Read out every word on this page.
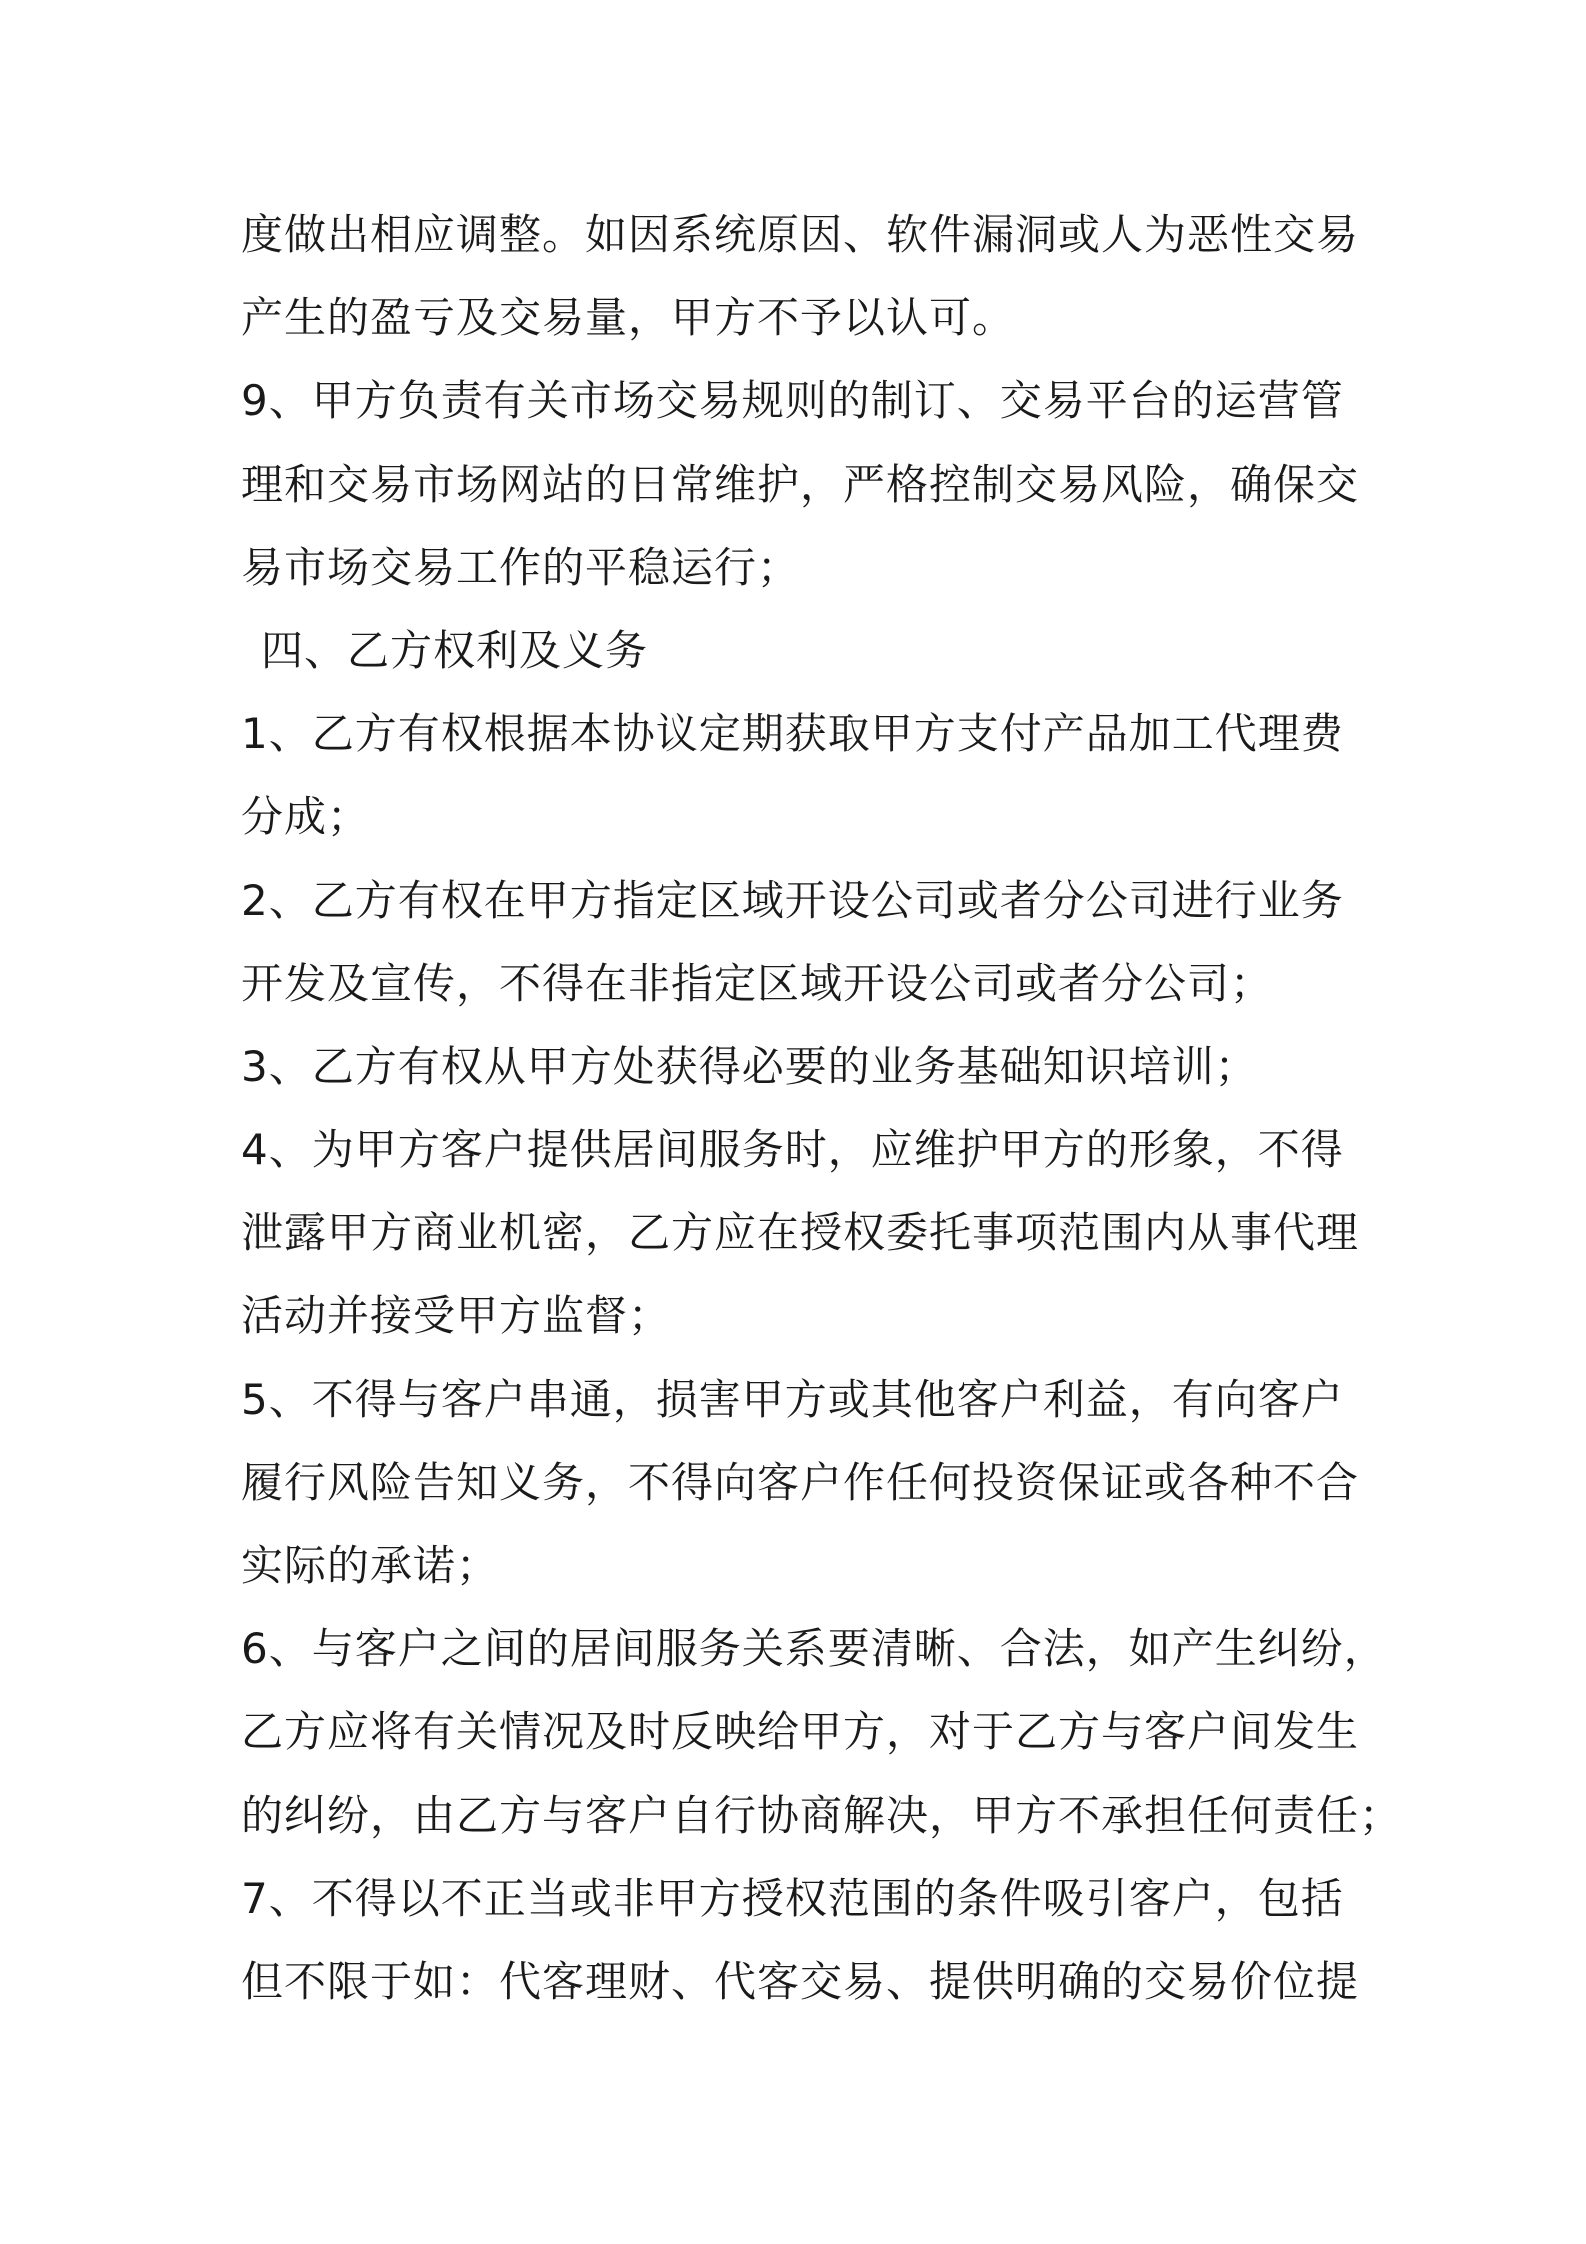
度做出相应调整。如因系统原因、软件漏洞或人为恶性交易
产生的盈亏及交易量，甲方不予以认可。
9、甲方负责有关市场交易规则的制订、交易平台的运营管
理和交易市场网站的日常维护，严格控制交易风险，确保交
易市场交易工作的平稳运行；
四、乙方权利及义务
1、乙方有权根据本协议定期获取甲方支付产品加工代理费
分成；
2、乙方有权在甲方指定区域开设公司或者分公司进行业务
开发及宣传，不得在非指定区域开设公司或者分公司；
3、乙方有权从甲方处获得必要的业务基础知识培训；
4、为甲方客户提供居间服务时，应维护甲方的形象，不得
泄露甲方商业机密，乙方应在授权委托事项范围内从事代理
活动并接受甲方监督；
5、不得与客户串通，损害甲方或其他客户利益，有向客户
履行风险告知义务，不得向客户作任何投资保证或各种不合
实际的承诺；
6、与客户之间的居间服务关系要清晰、合法，如产生纠纷，
乙方应将有关情况及时反映给甲方，对于乙方与客户间发生
的纠纷，由乙方与客户自行协商解决，甲方不承担任何责任；
7、不得以不正当或非甲方授权范围的条件吸引客户，包括
但不限于如：代客理财、代客交易、提供明确的交易价位提
